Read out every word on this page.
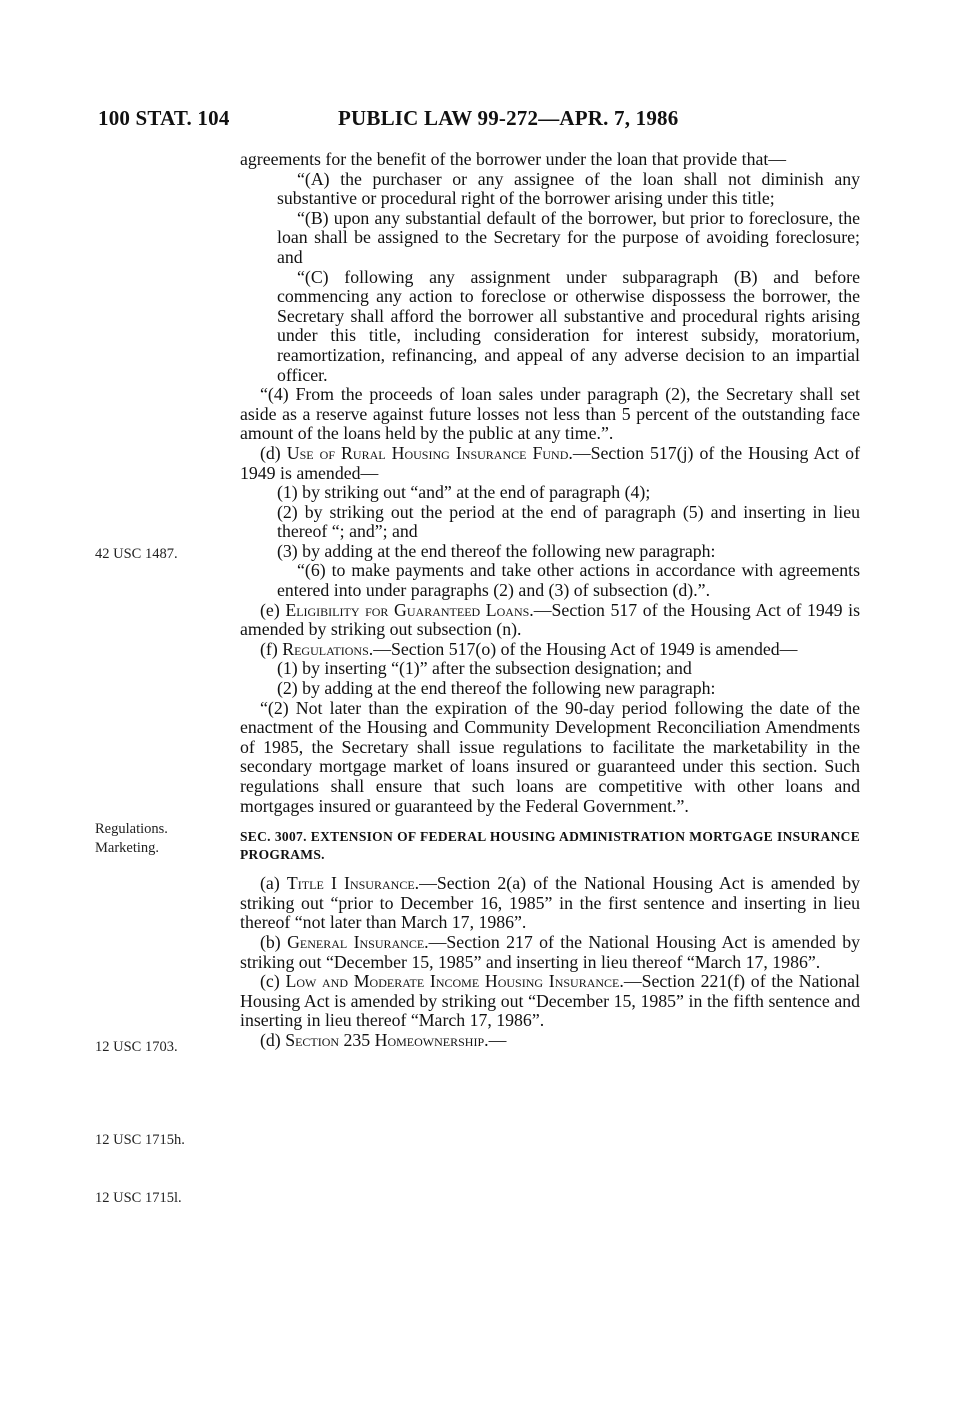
100 STAT. 104	PUBLIC LAW 99-272—APR. 7, 1986
42 USC 1487.
Regulations.
Marketing.
12 USC 1703.
12 USC 1715h.
12 USC 1715l.

agreements for the benefit of the borrower under the loan that provide that—

“(A) the purchaser or any assignee of the loan shall not diminish any substantive or procedural right of the borrower arising under this title;

“(B) upon any substantial default of the borrower, but prior to foreclosure, the loan shall be assigned to the Secretary for the purpose of avoiding foreclosure; and

“(C) following any assignment under subparagraph (B) and before commencing any action to foreclose or otherwise dispossess the borrower, the Secretary shall afford the borrower all substantive and procedural rights arising under this title, including consideration for interest subsidy, moratorium, reamortization, refinancing, and appeal of any adverse decision to an impartial officer.

“(4) From the proceeds of loan sales under paragraph (2), the Secretary shall set aside as a reserve against future losses not less than 5 percent of the outstanding face amount of the loans held by the public at any time.”.

(d) Use of Rural Housing Insurance Fund.—Section 517(j) of the Housing Act of 1949 is amended—

(1) by striking out “and” at the end of paragraph (4);

(2) by striking out the period at the end of paragraph (5) and inserting in lieu thereof “; and”; and

(3) by adding at the end thereof the following new paragraph:

“(6) to make payments and take other actions in accordance with agreements entered into under paragraphs (2) and (3) of subsection (d).”.

(e) Eligibility for Guaranteed Loans.—Section 517 of the Housing Act of 1949 is amended by striking out subsection (n).

(f) Regulations.—Section 517(o) of the Housing Act of 1949 is amended—

(1) by inserting “(1)” after the subsection designation; and

(2) by adding at the end thereof the following new paragraph:

“(2) Not later than the expiration of the 90-day period following the date of the enactment of the Housing and Community Development Reconciliation Amendments of 1985, the Secretary shall issue regulations to facilitate the marketability in the secondary mortgage market of loans insured or guaranteed under this section. Such regulations shall ensure that such loans are competitive with other loans and mortgages insured or guaranteed by the Federal Government.”.

SEC. 3007. EXTENSION OF FEDERAL HOUSING ADMINISTRATION MORTGAGE INSURANCE PROGRAMS.

(a) Title I Insurance.—Section 2(a) of the National Housing Act is amended by striking out “prior to December 16, 1985” in the first sentence and inserting in lieu thereof “not later than March 17, 1986”.

(b) General Insurance.—Section 217 of the National Housing Act is amended by striking out “December 15, 1985” and inserting in lieu thereof “March 17, 1986”.

(c) Low and Moderate Income Housing Insurance.—Section 221(f) of the National Housing Act is amended by striking out “December 15, 1985” in the fifth sentence and inserting in lieu thereof “March 17, 1986”.

(d) Section 235 Homeownership.—
